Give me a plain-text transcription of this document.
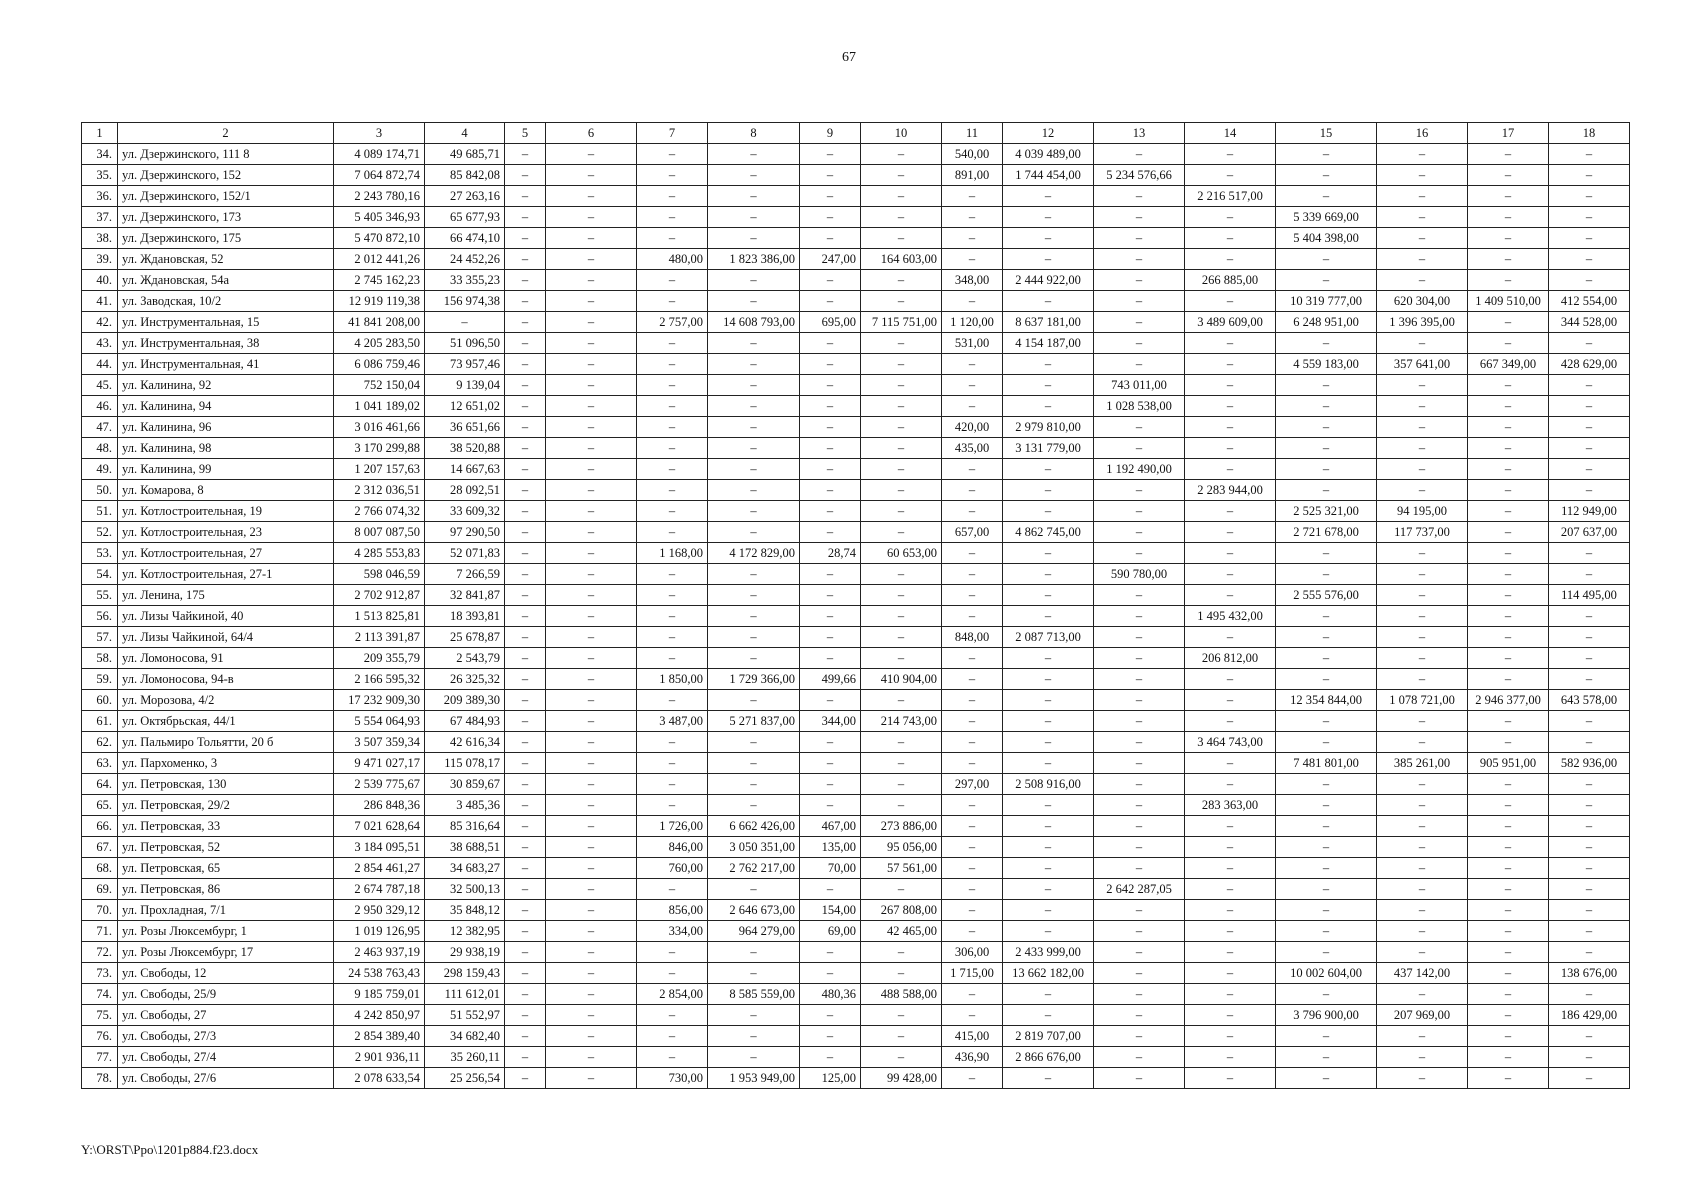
67
1	2	3	4	5	6	7	8	9	10	11	12	13	14	15	16	17	18
34.	ул. Дзержинского, 111 8	4 089 174,71	49 685,71	–	–	–	–	–	–	540,00	4 039 489,00	–	–	–	–	–	–
35.	ул. Дзержинского, 152	7 064 872,74	85 842,08	–	–	–	–	–	–	891,00	1 744 454,00	5 234 576,66	–	–	–	–	–
36.	ул. Дзержинского, 152/1	2 243 780,16	27 263,16	–	–	–	–	–	–	–	–	–	2 216 517,00	–	–	–	–
37.	ул. Дзержинского, 173	5 405 346,93	65 677,93	–	–	–	–	–	–	–	–	–	–	5 339 669,00	–	–	–
38.	ул. Дзержинского, 175	5 470 872,10	66 474,10	–	–	–	–	–	–	–	–	–	–	5 404 398,00	–	–	–
39.	ул. Ждановская, 52	2 012 441,26	24 452,26	–	–	480,00	1 823 386,00	247,00	164 603,00	–	–	–	–	–	–	–	–
40.	ул. Ждановская, 54а	2 745 162,23	33 355,23	–	–	–	–	–	–	348,00	2 444 922,00	–	266 885,00	–	–	–	–
41.	ул. Заводская, 10/2	12 919 119,38	156 974,38	–	–	–	–	–	–	–	–	–	–	10 319 777,00	620 304,00	1 409 510,00	412 554,00
42.	ул. Инструментальная, 15	41 841 208,00	–	–	–	2 757,00	14 608 793,00	695,00	7 115 751,00	1 120,00	8 637 181,00	–	3 489 609,00	6 248 951,00	1 396 395,00	–	344 528,00
43.	ул. Инструментальная, 38	4 205 283,50	51 096,50	–	–	–	–	–	–	531,00	4 154 187,00	–	–	–	–	–	–
44.	ул. Инструментальная, 41	6 086 759,46	73 957,46	–	–	–	–	–	–	–	–	–	–	4 559 183,00	357 641,00	667 349,00	428 629,00
45.	ул. Калинина, 92	752 150,04	9 139,04	–	–	–	–	–	–	–	–	743 011,00	–	–	–	–	–
46.	ул. Калинина, 94	1 041 189,02	12 651,02	–	–	–	–	–	–	–	–	1 028 538,00	–	–	–	–	–
47.	ул. Калинина, 96	3 016 461,66	36 651,66	–	–	–	–	–	–	420,00	2 979 810,00	–	–	–	–	–	–
48.	ул. Калинина, 98	3 170 299,88	38 520,88	–	–	–	–	–	–	435,00	3 131 779,00	–	–	–	–	–	–
49.	ул. Калинина, 99	1 207 157,63	14 667,63	–	–	–	–	–	–	–	–	1 192 490,00	–	–	–	–	–
50.	ул. Комарова, 8	2 312 036,51	28 092,51	–	–	–	–	–	–	–	–	–	2 283 944,00	–	–	–	–
51.	ул. Котлостроительная, 19	2 766 074,32	33 609,32	–	–	–	–	–	–	–	–	–	–	2 525 321,00	94 195,00	–	112 949,00
52.	ул. Котлостроительная, 23	8 007 087,50	97 290,50	–	–	–	–	–	–	657,00	4 862 745,00	–	–	2 721 678,00	117 737,00	–	207 637,00
53.	ул. Котлостроительная, 27	4 285 553,83	52 071,83	–	–	1 168,00	4 172 829,00	28,74	60 653,00	–	–	–	–	–	–	–	–
54.	ул. Котлостроительная, 27-1	598 046,59	7 266,59	–	–	–	–	–	–	–	–	590 780,00	–	–	–	–	–
55.	ул. Ленина, 175	2 702 912,87	32 841,87	–	–	–	–	–	–	–	–	–	–	2 555 576,00	–	–	114 495,00
56.	ул. Лизы Чайкиной, 40	1 513 825,81	18 393,81	–	–	–	–	–	–	–	–	–	1 495 432,00	–	–	–	–
57.	ул. Лизы Чайкиной, 64/4	2 113 391,87	25 678,87	–	–	–	–	–	–	848,00	2 087 713,00	–	–	–	–	–	–
58.	ул. Ломоносова, 91	209 355,79	2 543,79	–	–	–	–	–	–	–	–	–	206 812,00	–	–	–	–
59.	ул. Ломоносова, 94-в	2 166 595,32	26 325,32	–	–	1 850,00	1 729 366,00	499,66	410 904,00	–	–	–	–	–	–	–	–
60.	ул. Морозова, 4/2	17 232 909,30	209 389,30	–	–	–	–	–	–	–	–	–	–	12 354 844,00	1 078 721,00	2 946 377,00	643 578,00
61.	ул. Октябрьская, 44/1	5 554 064,93	67 484,93	–	–	3 487,00	5 271 837,00	344,00	214 743,00	–	–	–	–	–	–	–	–
62.	ул. Пальмиро Тольятти, 20 б	3 507 359,34	42 616,34	–	–	–	–	–	–	–	–	–	3 464 743,00	–	–	–	–
63.	ул. Пархоменко, 3	9 471 027,17	115 078,17	–	–	–	–	–	–	–	–	–	–	7 481 801,00	385 261,00	905 951,00	582 936,00
64.	ул. Петровская, 130	2 539 775,67	30 859,67	–	–	–	–	–	–	297,00	2 508 916,00	–	–	–	–	–	–
65.	ул. Петровская, 29/2	286 848,36	3 485,36	–	–	–	–	–	–	–	–	–	283 363,00	–	–	–	–
66.	ул. Петровская, 33	7 021 628,64	85 316,64	–	–	1 726,00	6 662 426,00	467,00	273 886,00	–	–	–	–	–	–	–	–
67.	ул. Петровская, 52	3 184 095,51	38 688,51	–	–	846,00	3 050 351,00	135,00	95 056,00	–	–	–	–	–	–	–	–
68.	ул. Петровская, 65	2 854 461,27	34 683,27	–	–	760,00	2 762 217,00	70,00	57 561,00	–	–	–	–	–	–	–	–
69.	ул. Петровская, 86	2 674 787,18	32 500,13	–	–	–	–	–	–	–	–	2 642 287,05	–	–	–	–	–
70.	ул. Прохладная, 7/1	2 950 329,12	35 848,12	–	–	856,00	2 646 673,00	154,00	267 808,00	–	–	–	–	–	–	–	–
71.	ул. Розы Люксембург, 1	1 019 126,95	12 382,95	–	–	334,00	964 279,00	69,00	42 465,00	–	–	–	–	–	–	–	–
72.	ул. Розы Люксембург, 17	2 463 937,19	29 938,19	–	–	–	–	–	–	306,00	2 433 999,00	–	–	–	–	–	–
73.	ул. Свободы, 12	24 538 763,43	298 159,43	–	–	–	–	–	–	1 715,00	13 662 182,00	–	–	10 002 604,00	437 142,00	–	138 676,00
74.	ул. Свободы, 25/9	9 185 759,01	111 612,01	–	–	2 854,00	8 585 559,00	480,36	488 588,00	–	–	–	–	–	–	–	–
75.	ул. Свободы, 27	4 242 850,97	51 552,97	–	–	–	–	–	–	–	–	–	–	3 796 900,00	207 969,00	–	186 429,00
76.	ул. Свободы, 27/3	2 854 389,40	34 682,40	–	–	–	–	–	–	415,00	2 819 707,00	–	–	–	–	–	–
77.	ул. Свободы, 27/4	2 901 936,11	35 260,11	–	–	–	–	–	–	436,90	2 866 676,00	–	–	–	–	–	–
78.	ул. Свободы, 27/6	2 078 633,54	25 256,54	–	–	730,00	1 953 949,00	125,00	99 428,00	–	–	–	–	–	–	–	–
Y:\ORST\Ppo\1201p884.f23.docx
